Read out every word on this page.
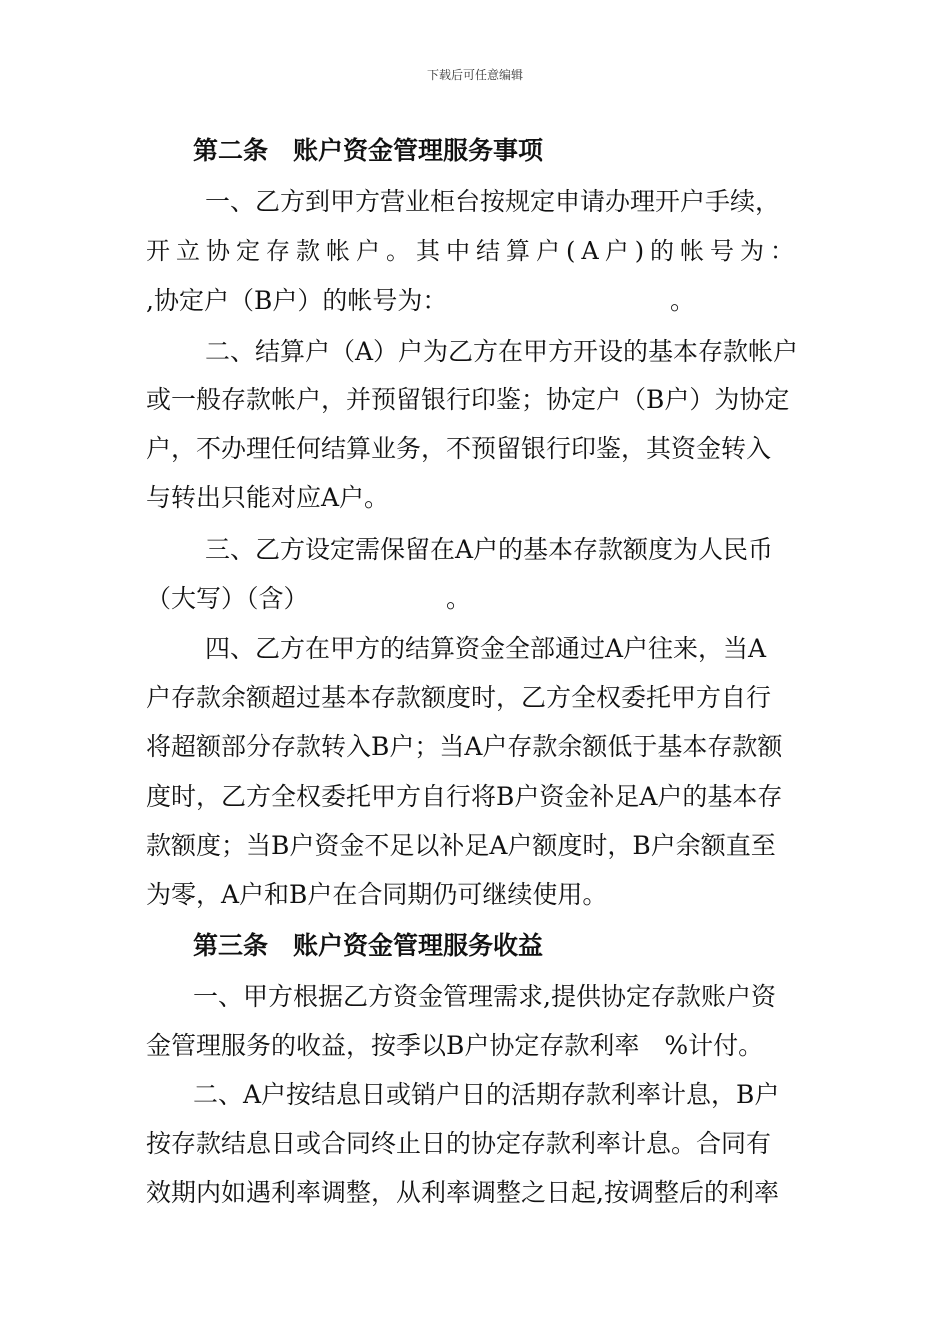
下载后可任意编辑
第二条　账户资金管理服务事项
一、乙方到甲方营业柜台按规定申请办理开户手续，
开立协定存款帐户。其中结算户(A户)的帐号为：
,协定户（B户）的帐号为：	。
二、结算户（A）户为乙方在甲方开设的基本存款帐户
或一般存款帐户，并预留银行印鉴；协定户（B户）为协定
户，不办理任何结算业务，不预留银行印鉴，其资金转入
与转出只能对应A户。
三、乙方设定需保留在A户的基本存款额度为人民币
（大写）（含）	。
四、乙方在甲方的结算资金全部通过A户往来，当A
户存款余额超过基本存款额度时，乙方全权委托甲方自行
将超额部分存款转入B户；当A户存款余额低于基本存款额
度时，乙方全权委托甲方自行将B户资金补足A户的基本存
款额度；当B户资金不足以补足A户额度时，B户余额直至
为零，A户和B户在合同期仍可继续使用。
第三条　账户资金管理服务收益
一、甲方根据乙方资金管理需求,提供协定存款账户资
金管理服务的收益，按季以B户协定存款利率　%计付。
二、A户按结息日或销户日的活期存款利率计息，B户
按存款结息日或合同终止日的协定存款利率计息。合同有
效期内如遇利率调整，从利率调整之日起,按调整后的利率
